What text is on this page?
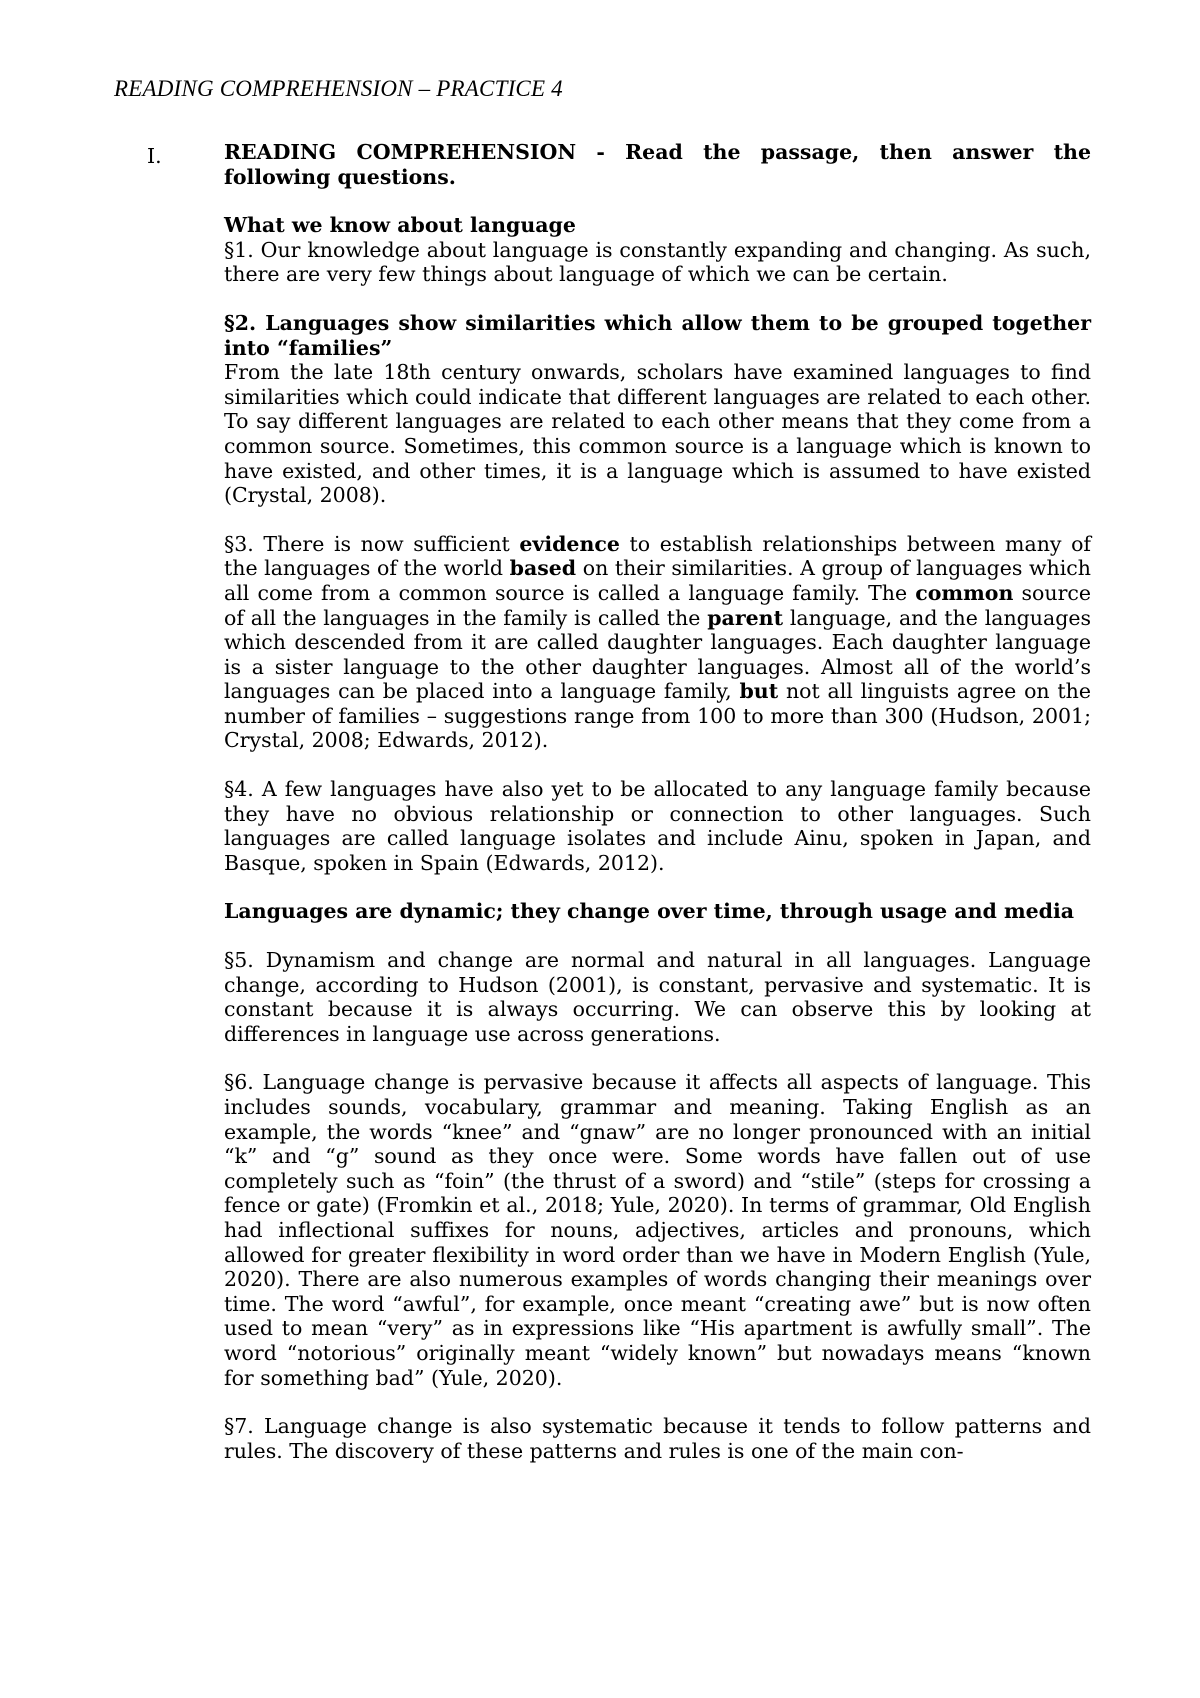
READING COMPREHENSION – PRACTICE 4
I.	READING COMPREHENSION - Read the passage, then answer the following questions.

What we know about language

§1. Our knowledge about language is constantly expanding and changing. As such, there are very few things about language of which we can be certain.

§2. Languages show similarities which allow them to be grouped together into “families”

From the late 18th century onwards, scholars have examined languages to find similarities which could indicate that different languages are related to each other. To say different languages are related to each other means that they come from a common source. Sometimes, this common source is a language which is known to have existed, and other times, it is a language which is assumed to have existed (Crystal, 2008).

§3. There is now sufficient evidence to establish relationships between many of the languages of the world based on their similarities. A group of languages which all come from a common source is called a language family. The common source of all the languages in the family is called the parent language, and the languages which descended from it are called daughter languages. Each daughter language is a sister language to the other daughter languages. Almost all of the world’s languages can be placed into a language family, but not all linguists agree on the number of families – suggestions range from 100 to more than 300 (Hudson, 2001; Crystal, 2008; Edwards, 2012).

§4. A few languages have also yet to be allocated to any language family because they have no obvious relationship or connection to other languages. Such languages are called language isolates and include Ainu, spoken in Japan, and Basque, spoken in Spain (Edwards, 2012).

Languages are dynamic; they change over time, through usage and media

§5. Dynamism and change are normal and natural in all languages. Language change, according to Hudson (2001), is constant, pervasive and systematic. It is constant because it is always occurring. We can observe this by looking at differences in language use across generations.

§6. Language change is pervasive because it affects all aspects of language. This includes sounds, vocabulary, grammar and meaning. Taking English as an example, the words “knee” and “gnaw” are no longer pronounced with an initial “k” and “g” sound as they once were. Some words have fallen out of use completely such as “foin” (the thrust of a sword) and “stile” (steps for crossing a fence or gate) (Fromkin et al., 2018; Yule, 2020). In terms of grammar, Old English had inflectional suffixes for nouns, adjectives, articles and pronouns, which allowed for greater flexibility in word order than we have in Modern English (Yule, 2020). There are also numerous examples of words changing their meanings over time. The word “awful”, for example, once meant “creating awe” but is now often used to mean “very” as in expressions like “His apartment is awfully small”. The word “notorious” originally meant “widely known” but nowadays means “known for something bad” (Yule, 2020).

§7. Language change is also systematic because it tends to follow patterns and rules. The discovery of these patterns and rules is one of the main con-
